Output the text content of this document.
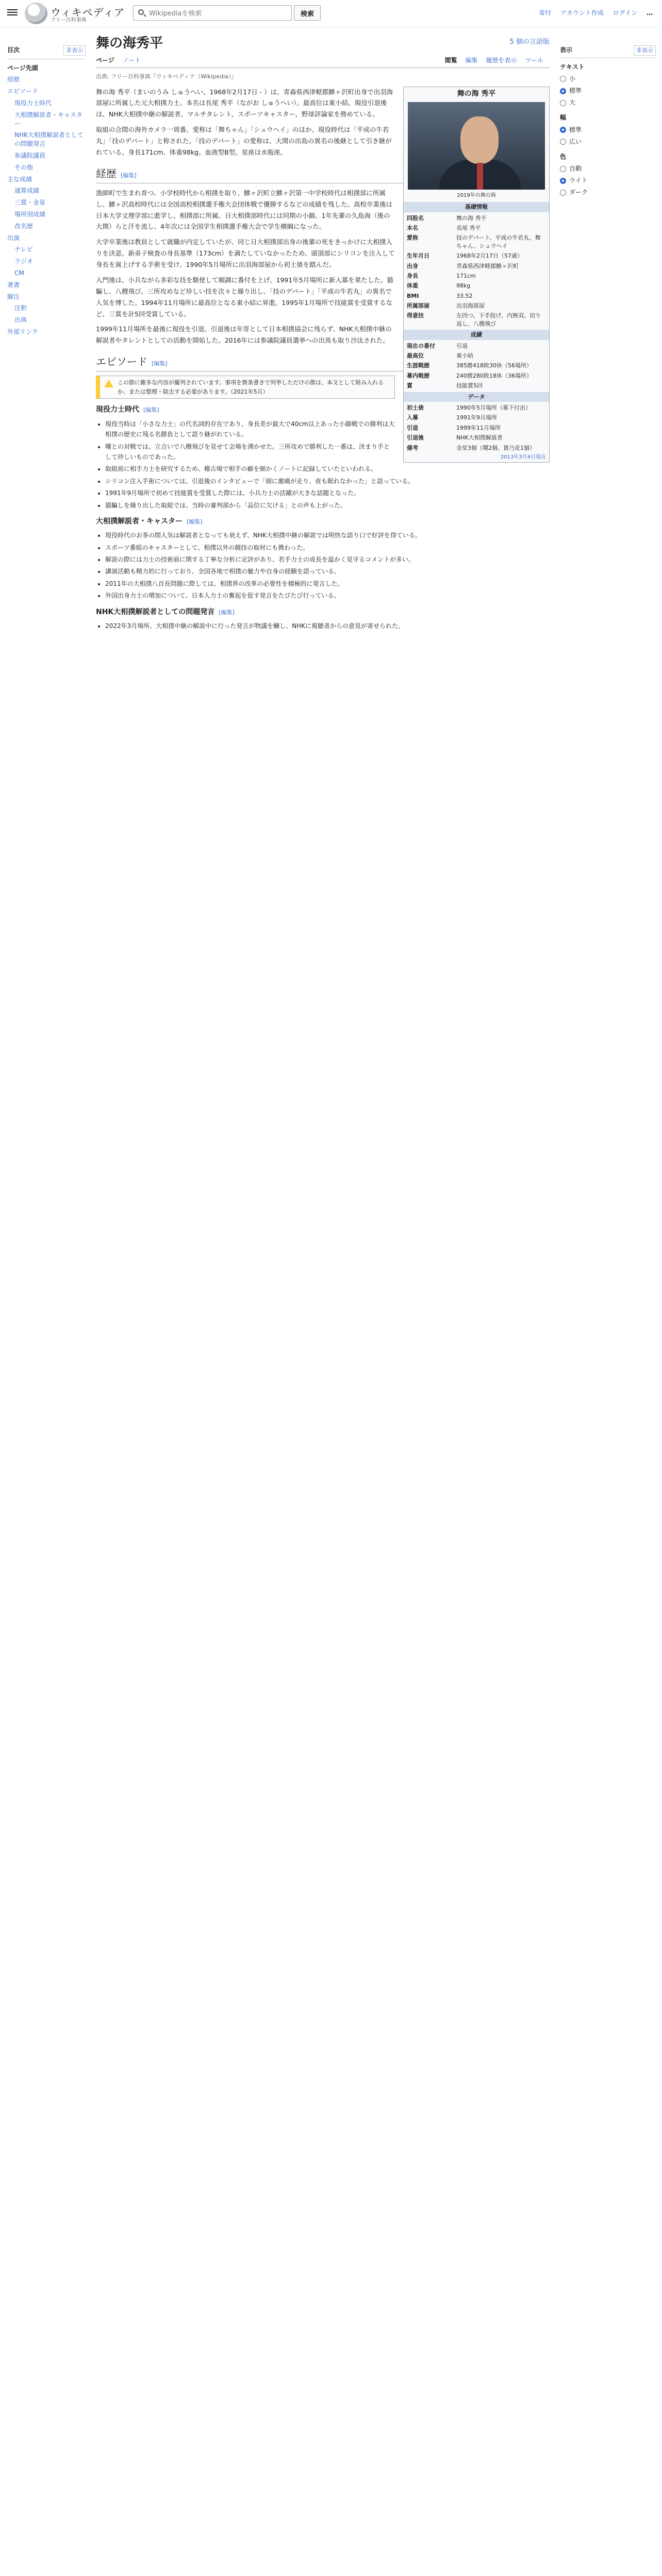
ウィキペディア
フリー百科事典
Wikipediaを検索
検索	寄付 アカウント作成 ログイン …
目次	非表示
ページ先頭
経歴
エピソード
現役力士時代
大相撲解説者・キャスター
NHK大相撲解説者としての問題発言
参議院議員
その他
主な成績
通算成績
三賞・金星
場所別成績
改名歴
出演
テレビ
ラジオ
CM
著書
脚注
注釈
出典
外部リンク
舞の海秀平	5 個の言語版
ページ ノート	閲覧 編集 履歴を表示 ツール
出典: フリー百科事典『ウィキペディア（Wikipedia）』
舞の海 秀平
2019年の舞の海
基礎情報
四股名	舞の海 秀平
本名	長尾 秀平
愛称	技のデパート、平成の牛若丸、舞ちゃん、シュウヘイ
生年月日	1968年2月17日（57歳）
出身	青森県西津軽郡鰺ヶ沢町
身長	171cm
体重	98kg
BMI	33.52
所属部屋	出羽海部屋
得意技	左四つ、下手投げ、内無双、切り返し、八艘飛び
成績
現在の番付	引退
最高位	東小結
生涯戦歴	385勝418敗30休（56場所）
幕内戦歴	240勝280敗18休（36場所）
賞	技能賞5回
データ
初土俵	1990年5月場所（幕下付出）
入幕	1991年9月場所
引退	1999年11月場所
引退後	NHK大相撲解説者
備考	金星3個（曙2個、貴乃花1個）
2013年3月4日現在

舞の海 秀平（まいのうみ しゅうへい、1968年2月17日 - ）は、青森県西津軽郡鰺ヶ沢町出身で出羽海部屋に所属した元大相撲力士。本名は長尾 秀平（ながお しゅうへい）。最高位は東小結。現役引退後は、NHK大相撲中継の解説者、マルチタレント、スポーツキャスター、野球評論家を務めている。

取組の合間の海外カメラ一周番。愛称は「舞ちゃん」「シュウヘイ」のほか、現役時代は「平成の牛若丸」「技のデパート」と称された。「技のデパート」の愛称は、大関の出島の異名の後継として引き継がれている。身長171cm、体重98kg。血液型B型。星座は水瓶座。

経歴 [編集]

漁師町で生まれ育つ。小学校時代から相撲を取り、鰺ヶ沢町立鰺ヶ沢第一中学校時代は相撲部に所属し、鰺ヶ沢高校時代には全国高校相撲選手権大会団体戦で優勝するなどの成績を残した。高校卒業後は日本大学文理学部に進学し、相撲部に所属。日大相撲部時代には同期の小錦、1年先輩の久島海（後の大関）らと汗を流し、4年次には全国学生相撲選手権大会で学生横綱になった。

大学卒業後は教員として就職が内定していたが、同じ日大相撲部出身の後輩の死をきっかけに大相撲入りを決意。新弟子検査の身長基準（173cm）を満たしていなかったため、頭頂部にシリコンを注入して身長を嵩上げする手術を受け、1990年5月場所に出羽海部屋から初土俵を踏んだ。

入門後は、小兵ながら多彩な技を駆使して順調に番付を上げ、1991年5月場所に新入幕を果たした。猫騙し、八艘飛び、三所攻めなど珍しい技を次々と繰り出し、「技のデパート」「平成の牛若丸」の異名で人気を博した。1994年11月場所に最高位となる東小結に昇進。1995年1月場所で技能賞を受賞するなど、三賞を計5回受賞している。

1999年11月場所を最後に現役を引退。引退後は年寄として日本相撲協会に残らず、NHK大相撲中継の解説者やタレントとしての活動を開始した。2016年には参議院議員選挙への出馬も取り沙汰された。

エピソード [編集]
この節に雑多な内容が羅列されています。事項を箇条書きで列挙しただけの節は、本文として組み入れるか、または整理・除去する必要があります。（2021年5月）
現役力士時代 [編集]
• 現役当時は「小さな力士」の代名詞的存在であり、身長差が最大で40cm以上あった小錦戦での勝利は大相撲の歴史に残る名勝負として語り継がれている。
• 曙との対戦では、立合いで八艘飛びを見せて会場を沸かせた。三所攻めで勝利した一番は、決まり手として珍しいものであった。
• 取組前に相手力士を研究するため、稽古場で相手の癖を細かくノートに記録していたといわれる。
• シリコン注入手術については、引退後のインタビューで「頭に激痛が走り、夜も眠れなかった」と語っている。
• 1991年9月場所で初めて技能賞を受賞した際には、小兵力士の活躍が大きな話題となった。
• 猫騙しを繰り出した取組では、当時の審判部から「品位に欠ける」との声も上がった。
大相撲解説者・キャスター [編集]
• 現役時代のお茶の間人気は解説者となっても衰えず、NHK大相撲中継の解説では明快な語り口で好評を得ている。
• スポーツ番組のキャスターとして、相撲以外の競技の取材にも携わった。
• 解説の際には力士の技術面に関する丁寧な分析に定評があり、若手力士の成長を温かく見守るコメントが多い。
• 講演活動も精力的に行っており、全国各地で相撲の魅力や自身の経験を語っている。
• 2011年の大相撲八百長問題に際しては、相撲界の改革の必要性を積極的に発言した。
• 外国出身力士の増加について、日本人力士の奮起を促す発言をたびたび行っている。
NHK大相撲解説者としての問題発言 [編集]
• 2022年3月場所、大相撲中継の解説中に行った発言が物議を醸し、NHKに視聴者からの意見が寄せられた。
表示	非表示
テキスト
小
標準
大
幅
標準
広い
色
自動
ライト
ダーク
